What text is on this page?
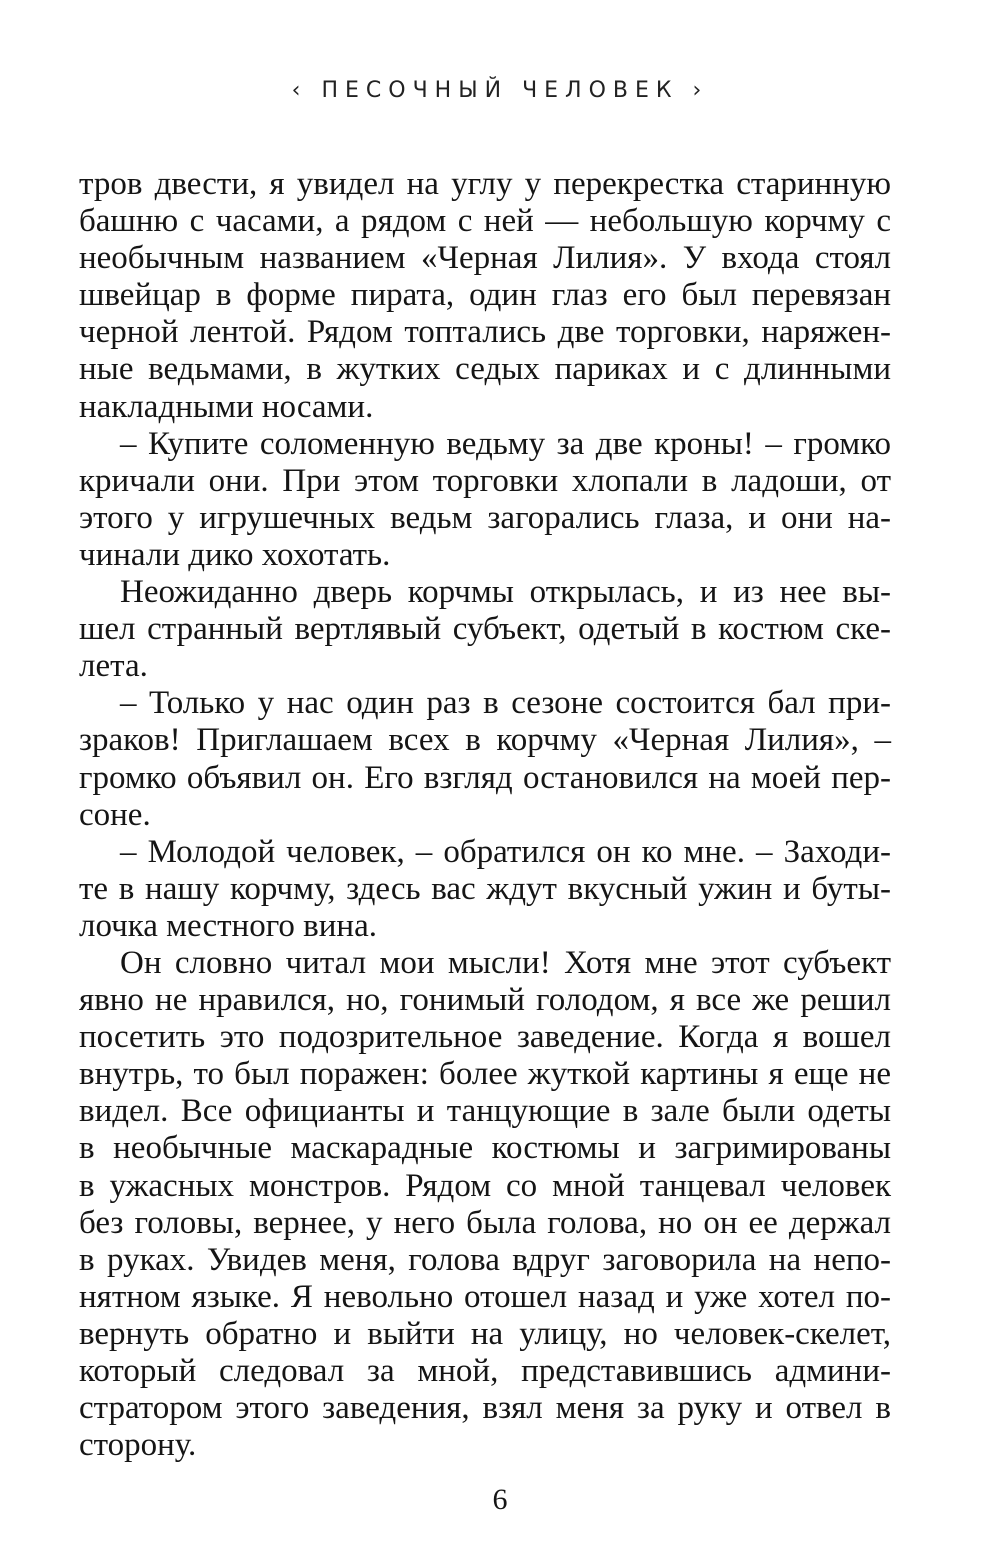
‹ ПЕСОЧНЫЙ ЧЕЛОВЕК ›
тров двести, я увидел на углу у перекрестка старинную
башню с часами, а рядом с ней — небольшую корчму с
необычным названием «Черная Лилия». У входа стоял
швейцар в форме пирата, один глаз его был перевязан
черной лентой. Рядом топтались две торговки, наряжен-
ные ведьмами, в жутких седых париках и с длинными
накладными носами.
– Купите соломенную ведьму за две кроны! – громко
кричали они. При этом торговки хлопали в ладоши, от
этого у игрушечных ведьм загорались глаза, и они на-
чинали дико хохотать.
Неожиданно дверь корчмы открылась, и из нее вы-
шел странный вертлявый субъект, одетый в костюм ске-
лета.
– Только у нас один раз в сезоне состоится бал при-
зраков! Приглашаем всех в корчму «Черная Лилия», –
громко объявил он. Его взгляд остановился на моей пер-
соне.
– Молодой человек, – обратился он ко мне. – Заходи-
те в нашу корчму, здесь вас ждут вкусный ужин и буты-
лочка местного вина.
Он словно читал мои мысли! Хотя мне этот субъект
явно не нравился, но, гонимый голодом, я все же решил
посетить это подозрительное заведение. Когда я вошел
внутрь, то был поражен: более жуткой картины я еще не
видел. Все официанты и танцующие в зале были одеты
в необычные маскарадные костюмы и загримированы
в ужасных монстров. Рядом со мной танцевал человек
без головы, вернее, у него была голова, но он ее держал
в руках. Увидев меня, голова вдруг заговорила на непо-
нятном языке. Я невольно отошел назад и уже хотел по-
вернуть обратно и выйти на улицу, но человек-скелет,
который следовал за мной, представившись админи-
стратором этого заведения, взял меня за руку и отвел в
сторону.
6
